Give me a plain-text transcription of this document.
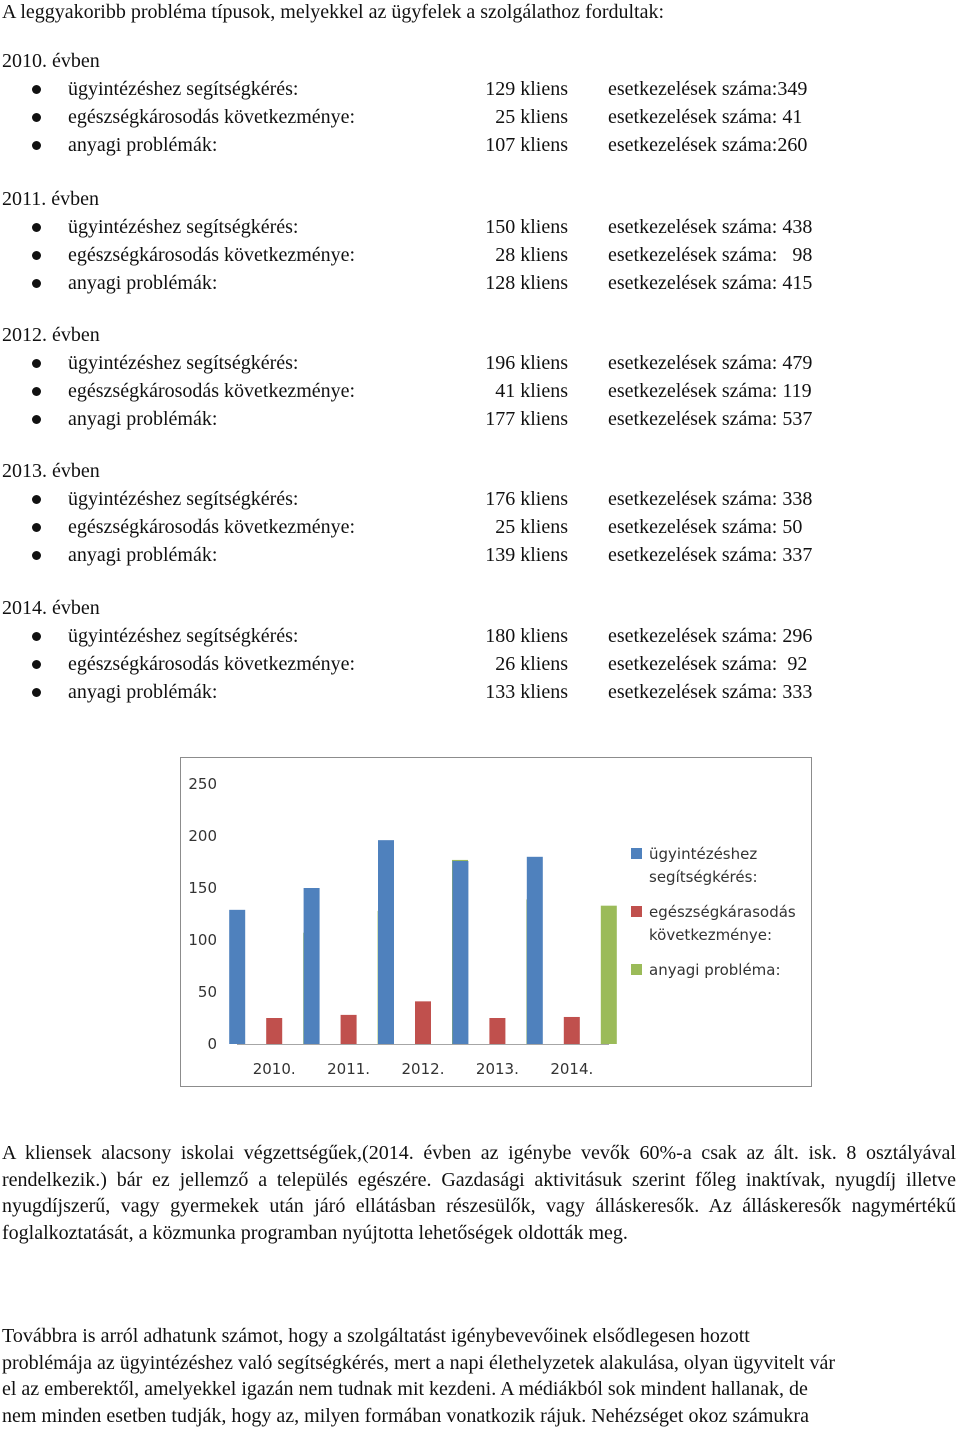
A leggyakoribb probléma típusok, melyekkel az ügyfelek a szolgálathoz fordultak:
2010. évben
ügyintézéshez segítségkérés:	129 kliens esetkezelések száma:349
egészségkárosodás következménye:	25 kliens esetkezelések száma: 41
anyagi problémák:	107 kliens esetkezelések száma:260
2011. évben
ügyintézéshez segítségkérés:	150 kliens esetkezelések száma: 438
egészségkárosodás következménye:	28 kliens esetkezelések száma:   98
anyagi problémák:	128 kliens esetkezelések száma: 415
2012. évben
ügyintézéshez segítségkérés:	196 kliens esetkezelések száma: 479
egészségkárosodás következménye:	41 kliens esetkezelések száma: 119
anyagi problémák:	177 kliens esetkezelések száma: 537
2013. évben
ügyintézéshez segítségkérés:	176 kliens esetkezelések száma: 338
egészségkárosodás következménye:	25 kliens esetkezelések száma: 50
anyagi problémák:	139 kliens esetkezelések száma: 337
2014. évben
ügyintézéshez segítségkérés:	180 kliens esetkezelések száma: 296
egészségkárosodás következménye:	26 kliens esetkezelések száma:  92
anyagi problémák:	133 kliens esetkezelések száma: 333
0
50
100
150
200
250
2010. 2011. 2012. 2013. 2014.
ügyintézéshez segítségkérés:
egészségkárasodás következménye:
anyagi probléma:
A kliensek alacsony iskolai végzettségűek,(2014. évben az igénybe vevők 60%-a csak az ált. isk. 8 osztályával rendelkezik.) bár ez jellemző a település egészére. Gazdasági aktivitásuk szerint főleg inaktívak, nyugdíj illetve nyugdíjszerű, vagy gyermekek után járó ellátásban részesülők, vagy álláskeresők. Az álláskeresők nagymértékű foglalkoztatását, a közmunka programban nyújtotta lehetőségek oldották meg.
Továbbra is arról adhatunk számot, hogy a szolgáltatást igénybevevőinek elsődlegesen hozott
problémája az ügyintézéshez való segítségkérés, mert a napi élethelyzetek alakulása, olyan ügyvitelt vár
el az emberektől, amelyekkel igazán nem tudnak mit kezdeni. A médiákból sok mindent hallanak, de
nem minden esetben tudják, hogy az, milyen formában vonatkozik rájuk. Nehézséget okoz számukra
